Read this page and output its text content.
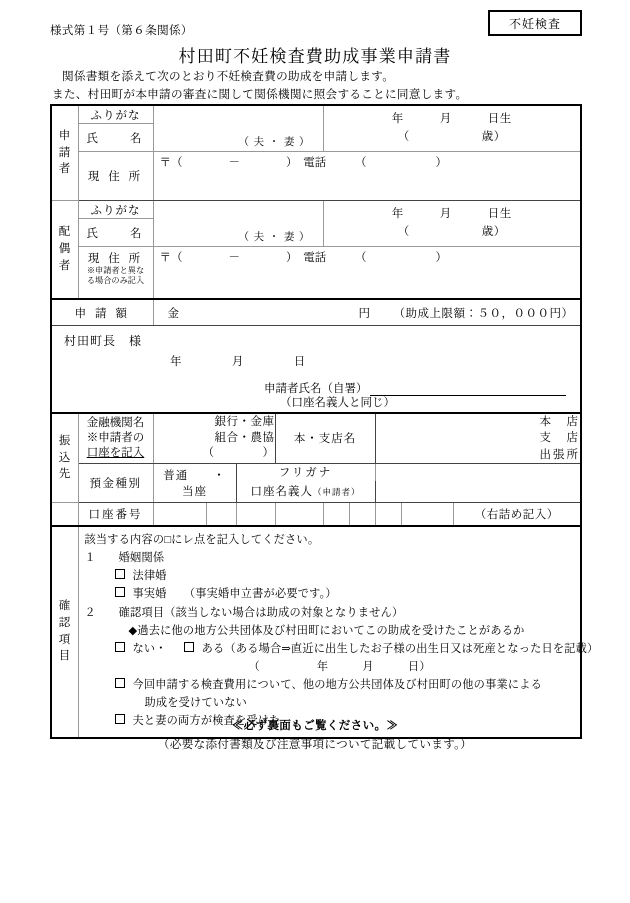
様式第１号（第６条関係）
不妊検査
村田町不妊検査費助成事業申請書
関係書類を添えて次のとおり不妊検査費の助成を申請します。
また、村田町が本申請の審査に関して関係機関に照会することに同意します。
申
請
者
	ふりがな		年　　　月　　　日生
（　　　　　　歳）

	氏　　名	（ 夫 ・ 妻 ）								

	現 住 所	〒（　　　　－　　　　）　電話　　　（　　　　　　）								

配
偶
者
	ふりがな		年　　　月　　　日生
（　　　　　　歳）

	氏　　名	（ 夫 ・ 妻 ）								

	現 住 所
※申請者と異な
る場合のみ記入	〒（　　　　－　　　　）　電話　　　（　　　　　　）								

申 請 額		金 円 （助成上限額：５０，０００円）								

村田町長　様
年 月 日
申請者氏名（自署）
（口座名義人と同じ）										

振
込
先	金融機関名
※申請者の
口座を記入	銀行・金庫
組合・農協
（　　　　）			本・支店名			本　店
支　店
出張所		

	預金種別	普通　　・　　当座		フリガナ						
				口座名義人（申請者）						
	口座番号									（右詰め記入）

確
認
項
目

該当する内容の□にレ点を記入してください。
１　　婚姻関係
法律婚
事実婚　　（事実婚申立書が必要です。）
２　　確認項目（該当しない場合は助成の対象となりません）
◆過去に他の地方公共団体及び村田町においてこの助成を受けたことがあるか
ない・	ある（ある場合⇒直近に出生したお子様の出生日又は死産となった日を記載）
（　　　　　年　　　月　　　日）
今回申請する検査費用について、他の地方公共団体及び村田町の他の事業による
助成を受けていない
夫と妻の両方が検査を受けた
≪必ず裏面もご覧ください。≫
（必要な添付書類及び注意事項について記載しています。）
